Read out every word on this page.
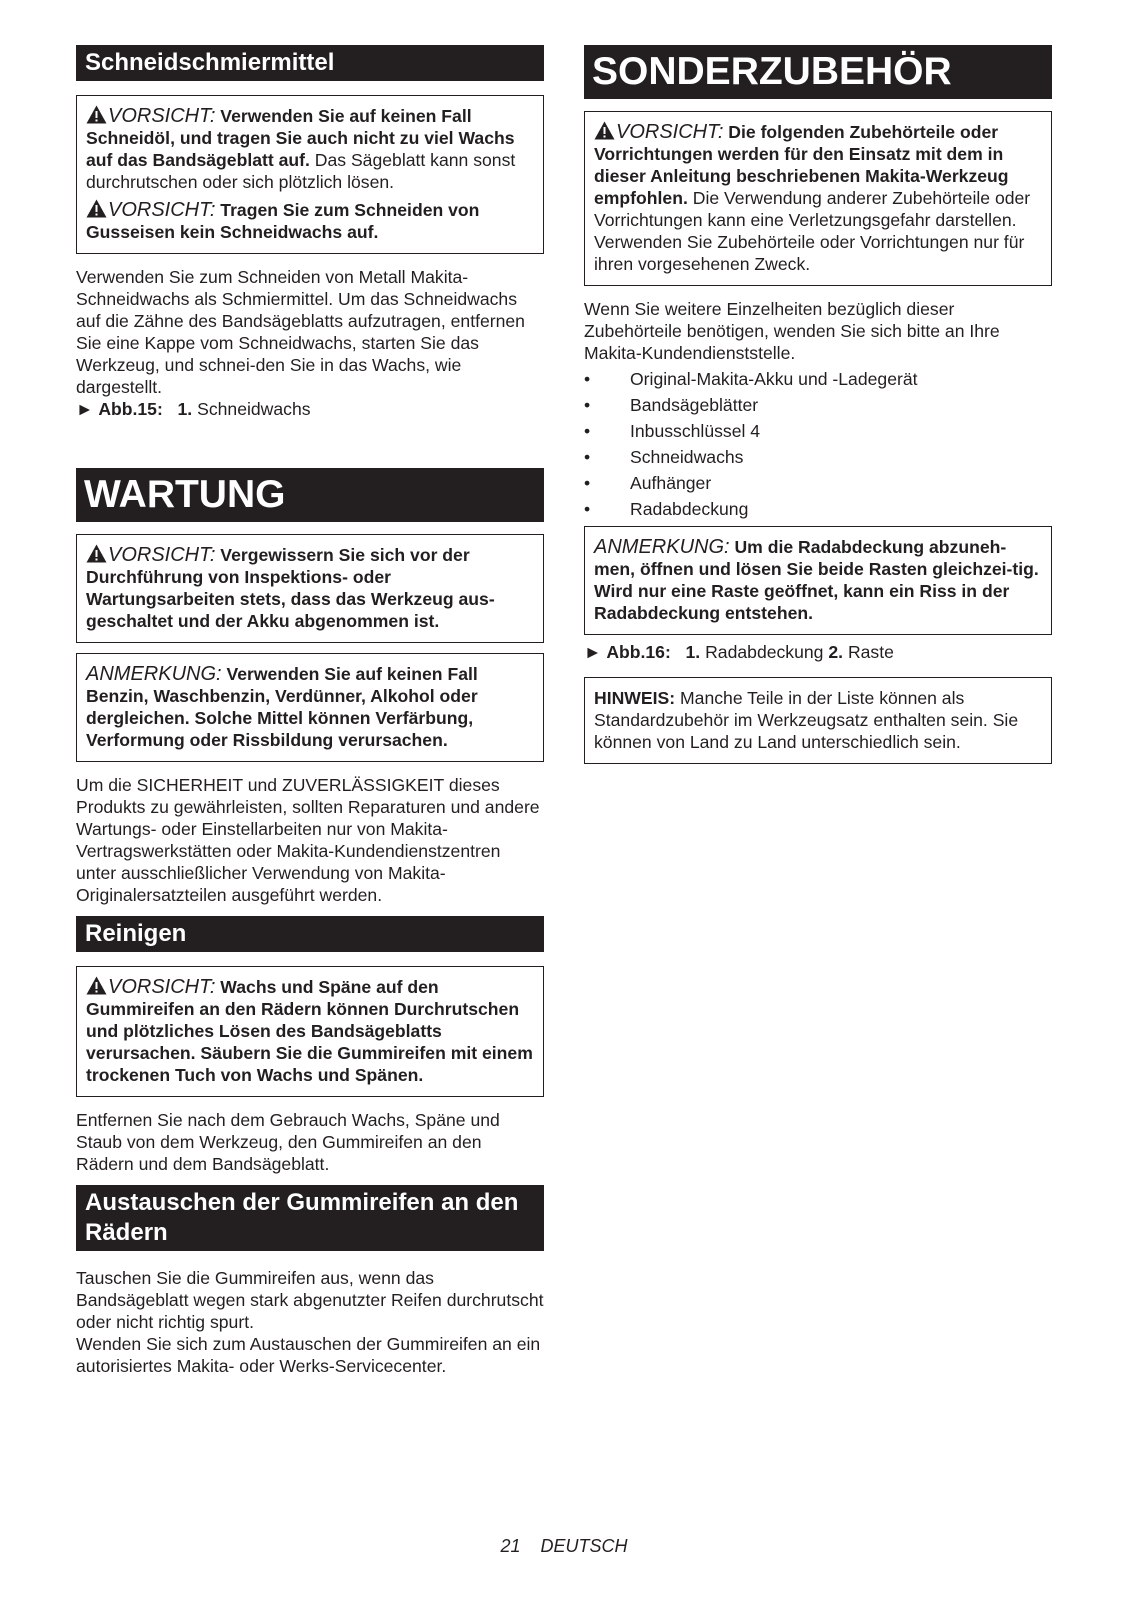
Schneidschmiermittel

VORSICHT: Verwenden Sie auf keinen Fall Schneidöl, und tragen Sie auch nicht zu viel Wachs auf das Bandsägeblatt auf. Das Sägeblatt kann sonst durchrutschen oder sich plötzlich lösen.

VORSICHT: Tragen Sie zum Schneiden von Gusseisen kein Schneidwachs auf.

Verwenden Sie zum Schneiden von Metall Makita-Schneidwachs als Schmiermittel. Um das Schneidwachs auf die Zähne des Bandsägeblatts aufzutragen, entfernen Sie eine Kappe vom Schneidwachs, starten Sie das Werkzeug, und schnei-den Sie in das Wachs, wie dargestellt.

► Abb.15: 1. Schneidwachs

WARTUNG

VORSICHT: Vergewissern Sie sich vor der Durchführung von Inspektions- oder Wartungsarbeiten stets, dass das Werkzeug aus-geschaltet und der Akku abgenommen ist.

ANMERKUNG: Verwenden Sie auf keinen Fall Benzin, Waschbenzin, Verdünner, Alkohol oder dergleichen. Solche Mittel können Verfärbung, Verformung oder Rissbildung verursachen.

Um die SICHERHEIT und ZUVERLÄSSIGKEIT dieses Produkts zu gewährleisten, sollten Reparaturen und andere Wartungs- oder Einstellarbeiten nur von Makita-Vertragswerkstätten oder Makita-Kundendienstzentren unter ausschließlicher Verwendung von Makita-Originalersatzteilen ausgeführt werden.

Reinigen

VORSICHT: Wachs und Späne auf den Gummireifen an den Rädern können Durchrutschen und plötzliches Lösen des Bandsägeblatts verursachen. Säubern Sie die Gummireifen mit einem trockenen Tuch von Wachs und Spänen.

Entfernen Sie nach dem Gebrauch Wachs, Späne und Staub von dem Werkzeug, den Gummireifen an den Rädern und dem Bandsägeblatt.

Austauschen der Gummireifen an den Rädern

Tauschen Sie die Gummireifen aus, wenn das Bandsägeblatt wegen stark abgenutzter Reifen durchrutscht oder nicht richtig spurt.

Wenden Sie sich zum Austauschen der Gummireifen an ein autorisiertes Makita- oder Werks-Servicecenter.

SONDERZUBEHÖR

VORSICHT: Die folgenden Zubehörteile oder Vorrichtungen werden für den Einsatz mit dem in dieser Anleitung beschriebenen Makita-Werkzeug empfohlen. Die Verwendung anderer Zubehörteile oder Vorrichtungen kann eine Verletzungsgefahr darstellen. Verwenden Sie Zubehörteile oder Vorrichtungen nur für ihren vorgesehenen Zweck.

Wenn Sie weitere Einzelheiten bezüglich dieser Zubehörteile benötigen, wenden Sie sich bitte an Ihre Makita-Kundendienststelle.

• Original-Makita-Akku und -Ladegerät
• Bandsägeblätter
• Inbusschlüssel 4
• Schneidwachs
• Aufhänger
• Radabdeckung

ANMERKUNG: Um die Radabdeckung abzuneh-men, öffnen und lösen Sie beide Rasten gleichzei-tig. Wird nur eine Raste geöffnet, kann ein Riss in der Radabdeckung entstehen.

► Abb.16: 1. Radabdeckung 2. Raste

HINWEIS: Manche Teile in der Liste können als Standardzubehör im Werkzeugsatz enthalten sein. Sie können von Land zu Land unterschiedlich sein.

21 DEUTSCH
